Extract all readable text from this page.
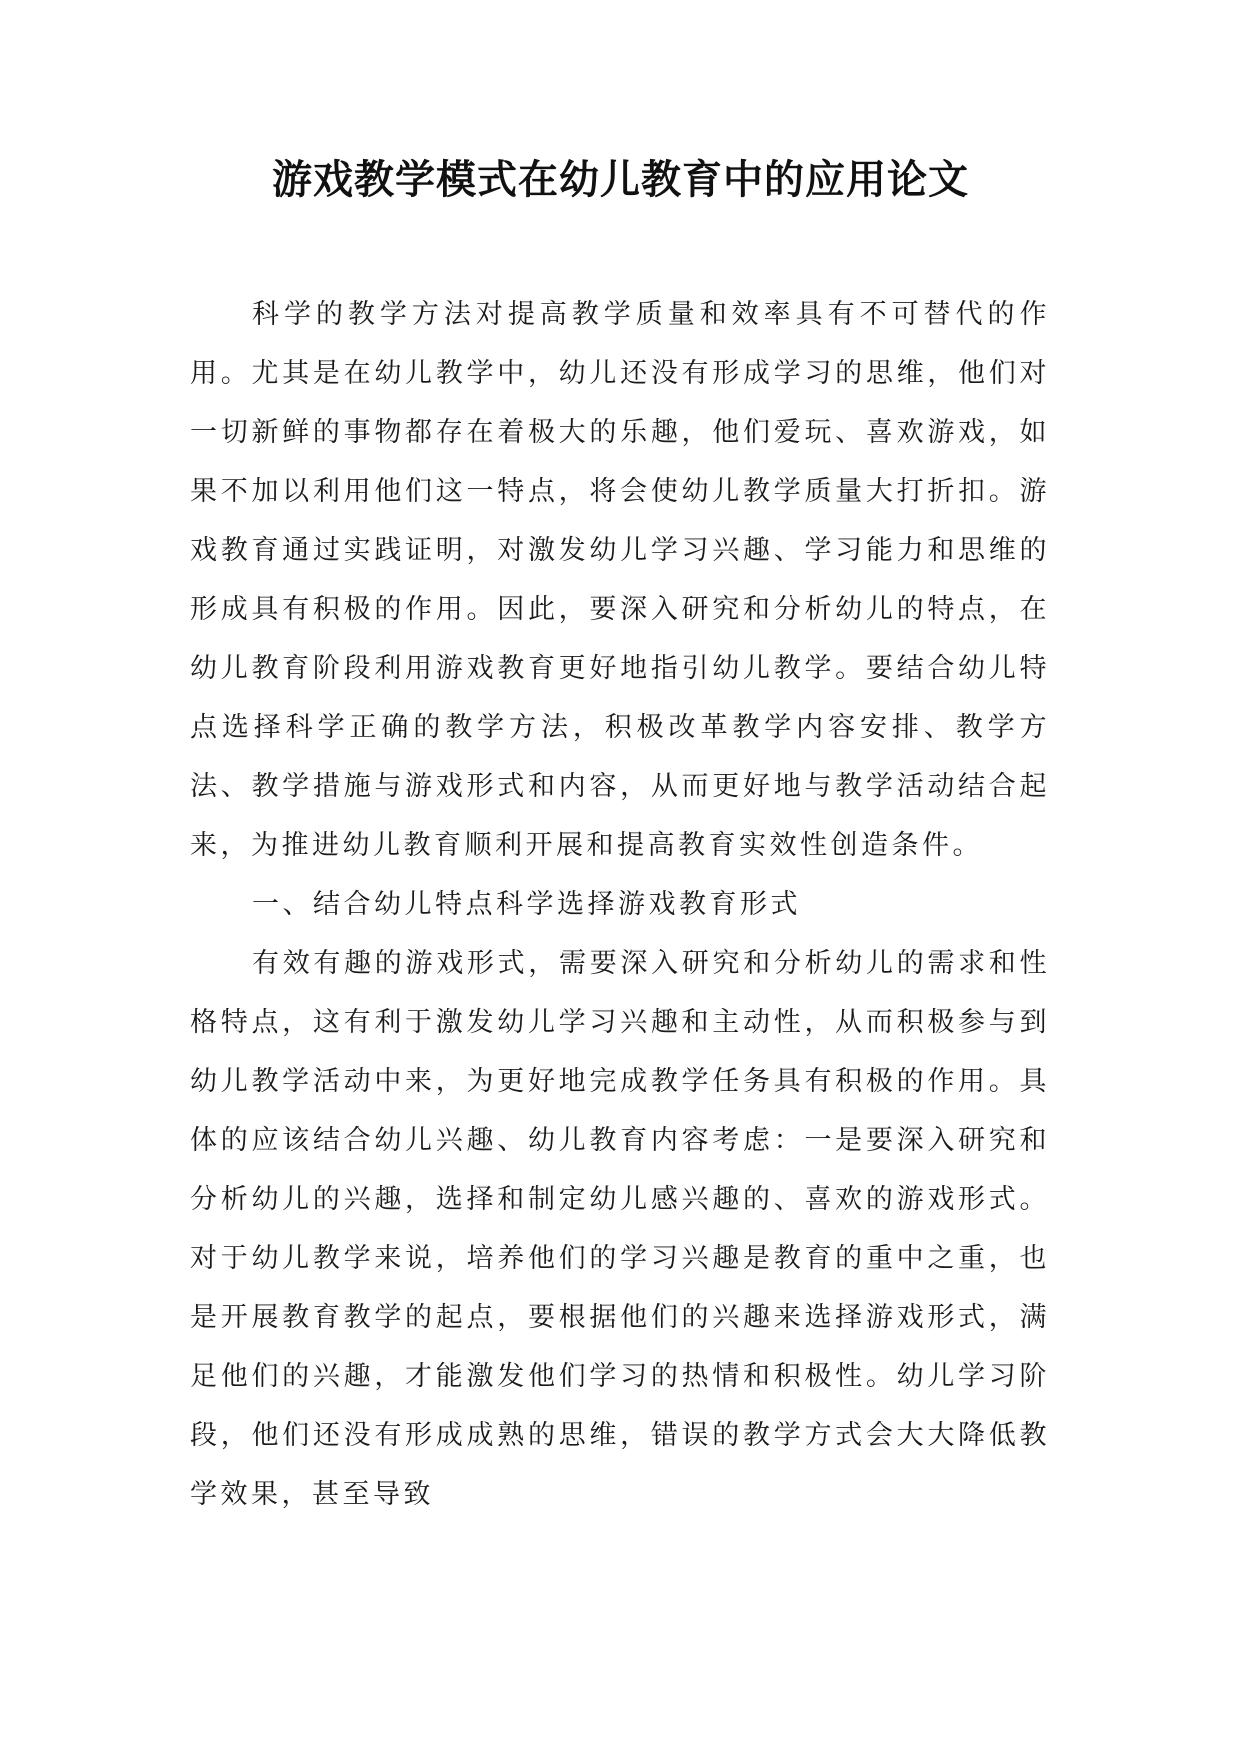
游戏教学模式在幼儿教育中的应用论文

科学的教学方法对提高教学质量和效率具有不可替代的作用。尤其是在幼儿教学中，幼儿还没有形成学习的思维，他们对一切新鲜的事物都存在着极大的乐趣，他们爱玩、喜欢游戏，如果不加以利用他们这一特点，将会使幼儿教学质量大打折扣。游戏教育通过实践证明，对激发幼儿学习兴趣、学习能力和思维的形成具有积极的作用。因此，要深入研究和分析幼儿的特点，在幼儿教育阶段利用游戏教育更好地指引幼儿教学。要结合幼儿特点选择科学正确的教学方法，积极改革教学内容安排、教学方法、教学措施与游戏形式和内容，从而更好地与教学活动结合起来，为推进幼儿教育顺利开展和提高教育实效性创造条件。

一、结合幼儿特点科学选择游戏教育形式

有效有趣的游戏形式，需要深入研究和分析幼儿的需求和性格特点，这有利于激发幼儿学习兴趣和主动性，从而积极参与到幼儿教学活动中来，为更好地完成教学任务具有积极的作用。具体的应该结合幼儿兴趣、幼儿教育内容考虑：一是要深入研究和分析幼儿的兴趣，选择和制定幼儿感兴趣的、喜欢的游戏形式。对于幼儿教学来说，培养他们的学习兴趣是教育的重中之重，也是开展教育教学的起点，要根据他们的兴趣来选择游戏形式，满足他们的兴趣，才能激发他们学习的热情和积极性。幼儿学习阶段，他们还没有形成成熟的思维，错误的教学方式会大大降低教学效果，甚至导致
